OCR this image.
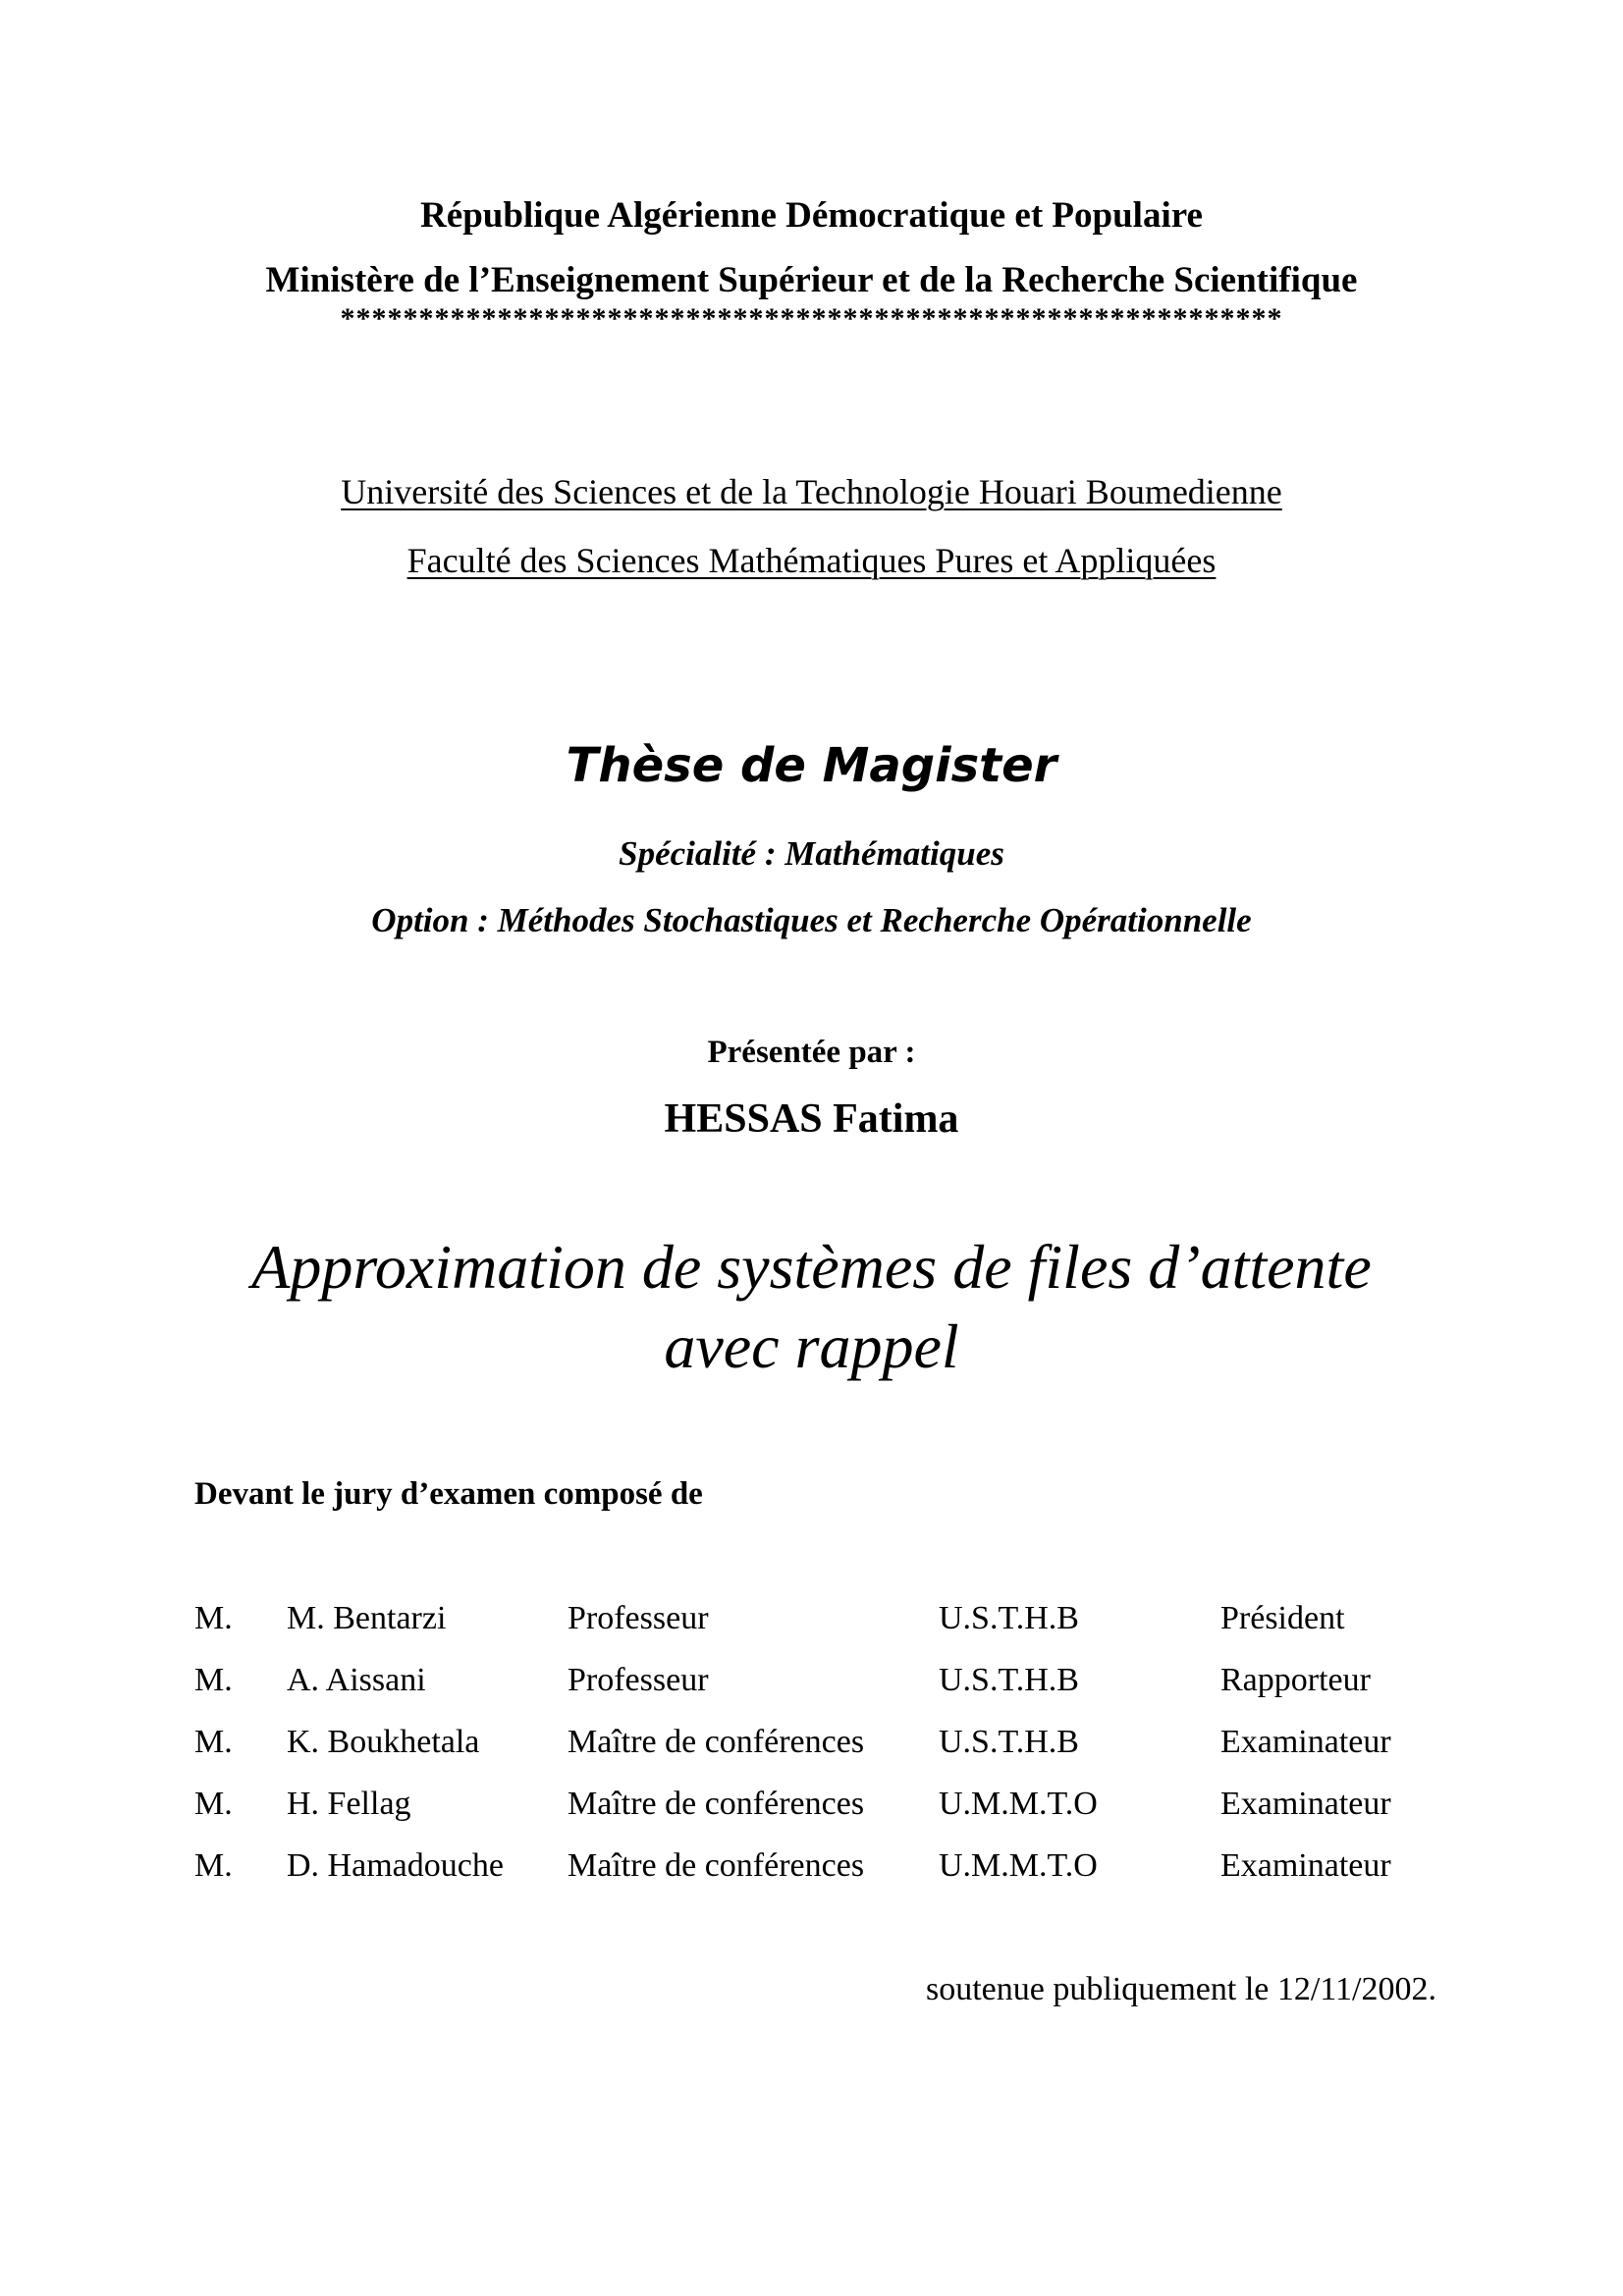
République Algérienne Démocratique et Populaire
Ministère de l’Enseignement Supérieur et de la Recherche Scientifique
************************************************************
Université des Sciences et de la Technologie Houari Boumedienne
Faculté des Sciences Mathématiques Pures et Appliquées
Thèse de Magister
Spécialité : Mathématiques
Option : Méthodes Stochastiques et Recherche Opérationnelle
Présentée par :
HESSAS Fatima
Approximation de systèmes de files d’attente
avec rappel
Devant le jury d’examen composé de
M. M. Bentarzi	Professeur	U.S.T.H.B	Président
M. A. Aissani	Professeur	U.S.T.H.B	Rapporteur
M. K. Boukhetala	Maître de conférences U.S.T.H.B	Examinateur
M. H. Fellag	Maître de conférences U.M.M.T.O	Examinateur
M. D. Hamadouche Maître de conférences U.M.M.T.O	Examinateur
soutenue publiquement le 12/11/2002.
